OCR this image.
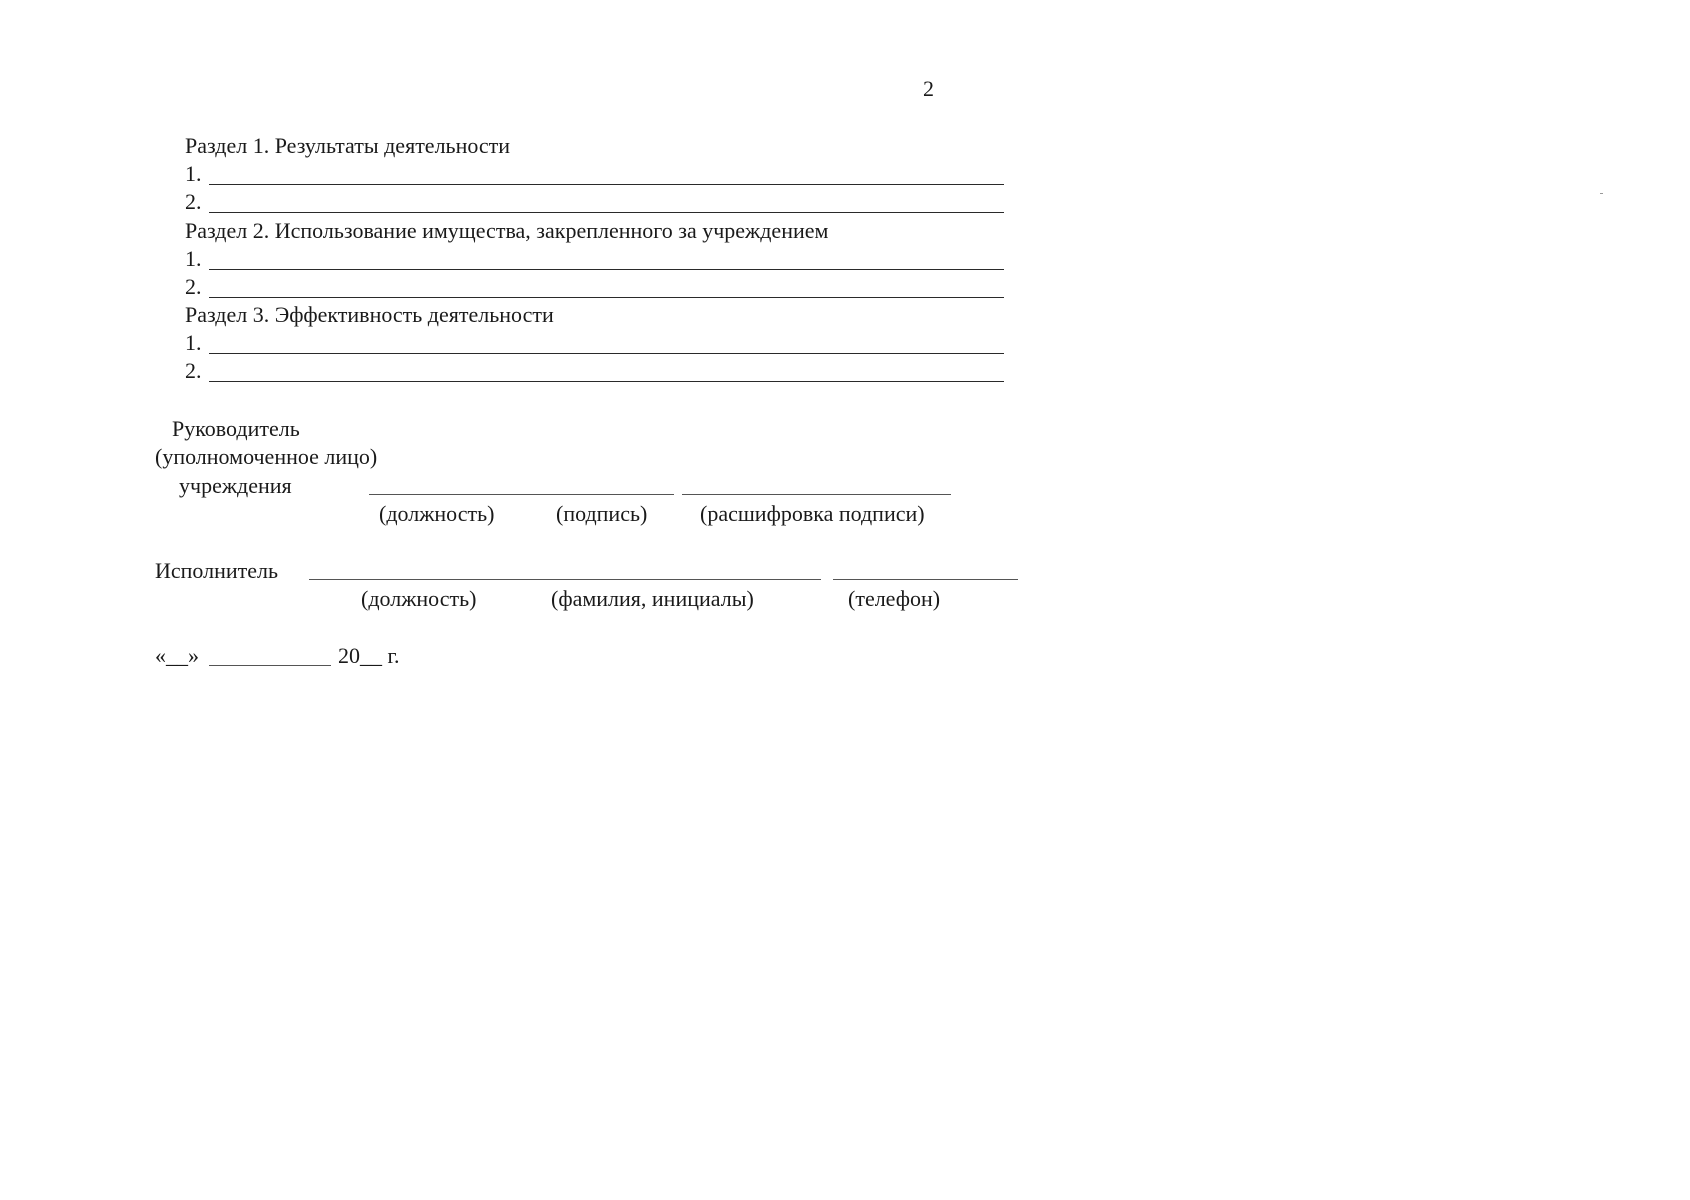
2
Раздел 1. Результаты деятельности
1.
2.
Раздел 2. Использование имущества, закрепленного за учреждением
1.
2.
Раздел 3. Эффективность деятельности
1.
2.
Руководитель
(уполномоченное лицо)
учреждения
(должность)	(подпись) (расшифровка подписи)
Исполнитель
(должность)	(фамилия, инициалы)	(телефон)
«__»	20__ г.
